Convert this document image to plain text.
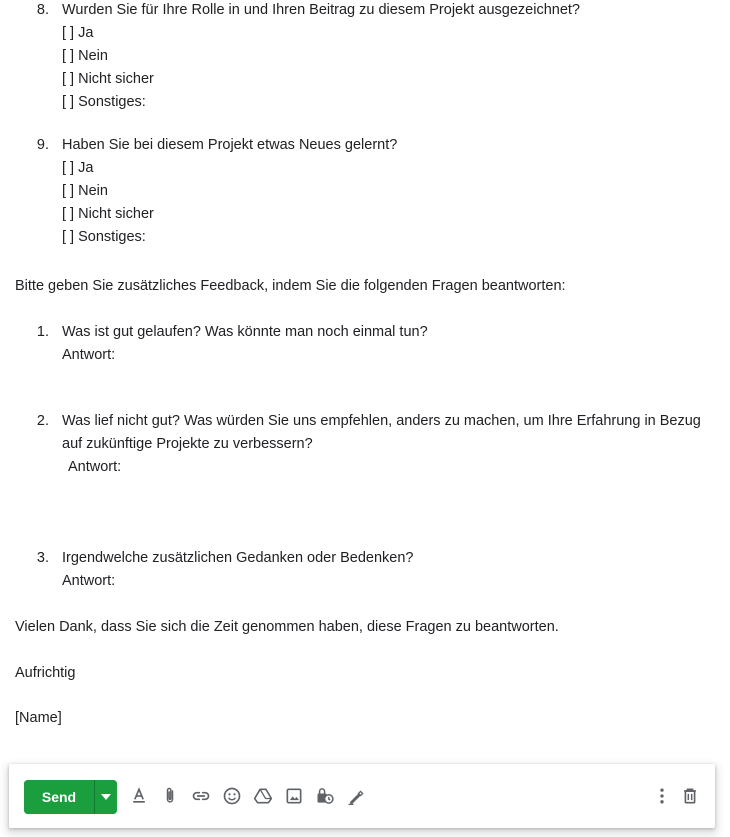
8. Wurden Sie für Ihre Rolle in und Ihren Beitrag zu diesem Projekt ausgezeichnet?
[ ] Ja
[ ] Nein
[ ] Nicht sicher
[ ] Sonstiges:
9. Haben Sie bei diesem Projekt etwas Neues gelernt?
[ ] Ja
[ ] Nein
[ ] Nicht sicher
[ ] Sonstiges:
Bitte geben Sie zusätzliches Feedback, indem Sie die folgenden Fragen beantworten:
1. Was ist gut gelaufen? Was könnte man noch einmal tun?
Antwort:
2. Was lief nicht gut? Was würden Sie uns empfehlen, anders zu machen, um Ihre Erfahrung in Bezug
auf zukünftige Projekte zu verbessern?
Antwort:
3. Irgendwelche zusätzlichen Gedanken oder Bedenken?
Antwort:
Vielen Dank, dass Sie sich die Zeit genommen haben, diese Fragen zu beantworten.
Aufrichtig
[Name]
Send
